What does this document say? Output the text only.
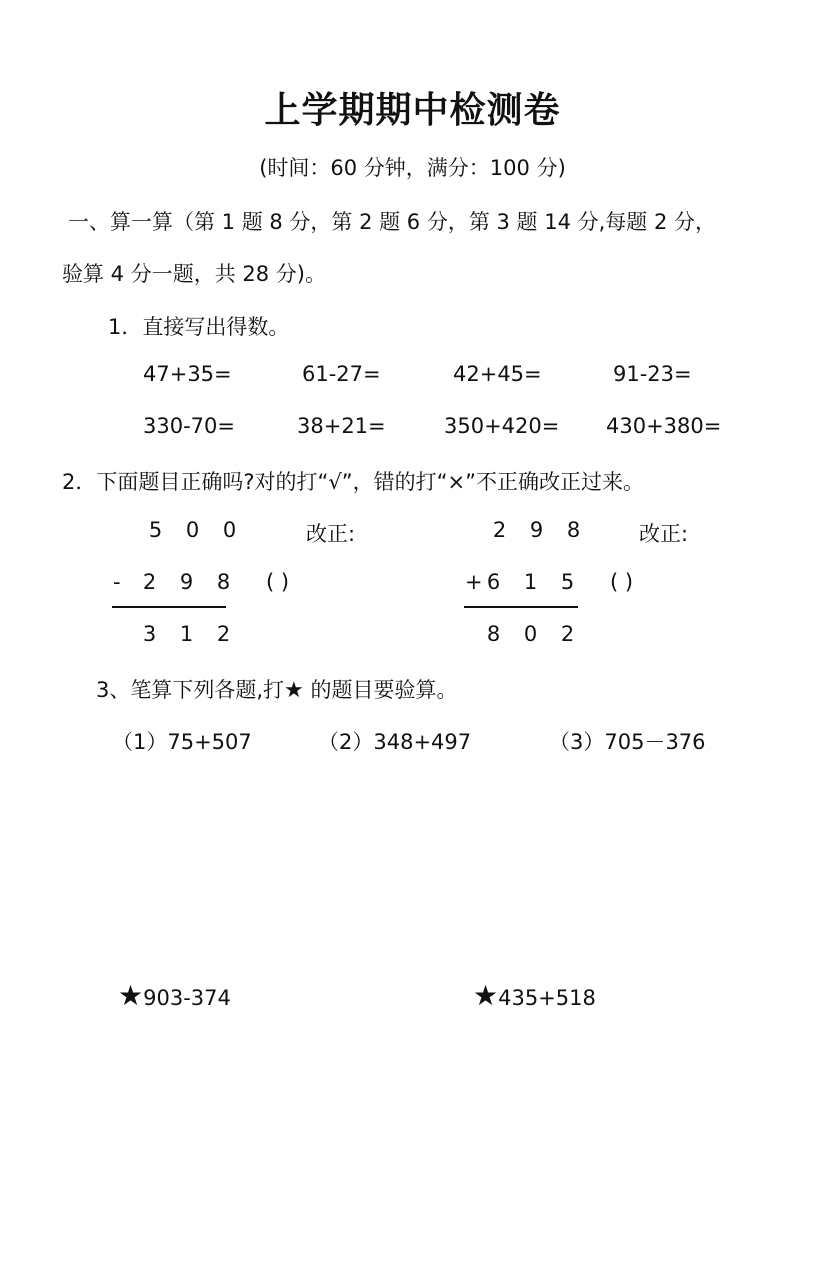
上学期期中检测卷
(时间：60 分钟，满分：100 分)
一、算一算（第 1 题 8 分，第 2 题 6 分，第 3 题 14 分,每题 2 分，
验算 4 分一题，共 28 分)。
1．直接写出得数。
47+35=	61-27=	42+45=	91-23=
330-70=	38+21=	350+420= 430+380=
2．下面题目正确吗?对的打“√”，错的打“×”不正确改正过来。
5 0 0
-	2 9 8
3 1 2
改正:
( )
2 9 8
+ 6 1 5
8 0 2
改正:
( )
3、笔算下列各题,打★ 的题目要验算。
（1）75+507	（2）348+497	（3）705－376
★903-374	★435+518
